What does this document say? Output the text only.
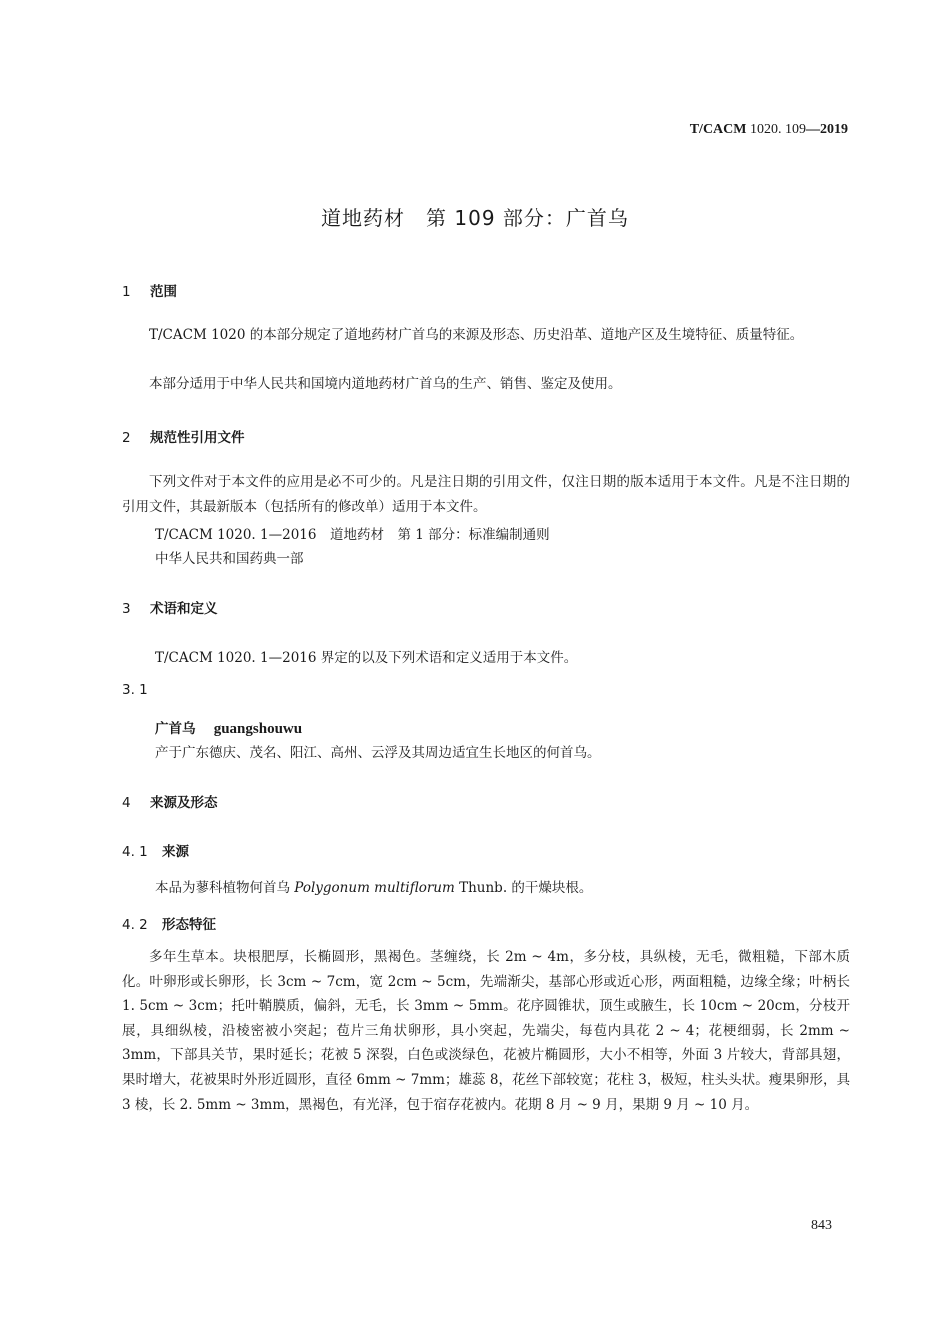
T/CACM 1020. 109—2019
道地药材　第 109 部分：广首乌
1 范围
T/CACM 1020 的本部分规定了道地药材广首乌的来源及形态、历史沿革、道地产区及生境特征、质量特征。
本部分适用于中华人民共和国境内道地药材广首乌的生产、销售、鉴定及使用。
2 规范性引用文件
下列文件对于本文件的应用是必不可少的。凡是注日期的引用文件，仅注日期的版本适用于本文件。凡是不注日期的引用文件，其最新版本（包括所有的修改单）适用于本文件。
T/CACM 1020. 1—2016　道地药材　第 1 部分：标准编制通则
中华人民共和国药典一部
3 术语和定义
T/CACM 1020. 1—2016 界定的以及下列术语和定义适用于本文件。
3. 1
广首乌　 guangshouwu
产于广东德庆、茂名、阳江、高州、云浮及其周边适宜生长地区的何首乌。
4 来源及形态
4. 1 来源
本品为蓼科植物何首乌 Polygonum multiflorum Thunb. 的干燥块根。
4. 2 形态特征
多年生草本。块根肥厚，长椭圆形，黑褐色。茎缠绕，长 2m ~ 4m，多分枝，具纵棱，无毛，微粗糙，下部木质化。叶卵形或长卵形，长 3cm ~ 7cm，宽 2cm ~ 5cm，先端渐尖，基部心形或近心形，两面粗糙，边缘全缘；叶柄长 1. 5cm ~ 3cm；托叶鞘膜质，偏斜，无毛，长 3mm ~ 5mm。花序圆锥状，顶生或腋生，长 10cm ~ 20cm，分枝开展，具细纵棱，沿棱密被小突起；苞片三角状卵形，具小突起，先端尖，每苞内具花 2 ~ 4；花梗细弱，长 2mm ~ 3mm，下部具关节，果时延长；花被 5 深裂，白色或淡绿色，花被片椭圆形，大小不相等，外面 3 片较大，背部具翅，果时增大，花被果时外形近圆形，直径 6mm ~ 7mm；雄蕊 8，花丝下部较宽；花柱 3，极短，柱头头状。瘦果卵形，具 3 棱，长 2. 5mm ~ 3mm，黑褐色，有光泽，包于宿存花被内。花期 8 月 ~ 9 月，果期 9 月 ~ 10 月。
843
